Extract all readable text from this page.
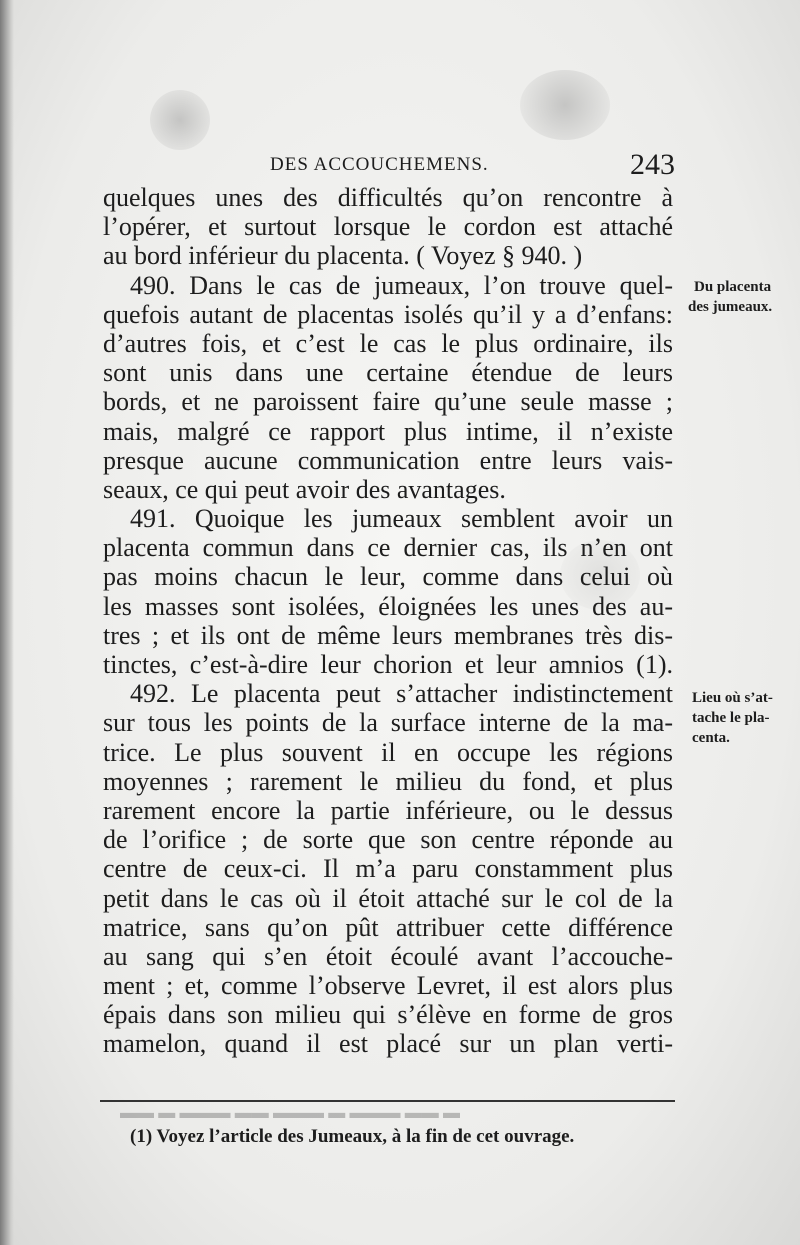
DES ACCOUCHEMENS.	243
quelques unes des difficultés qu’on rencontre à
l’opérer, et surtout lorsque le cordon est attaché
au bord inférieur du placenta. ( Voyez § 940. )
490. Dans le cas de jumeaux, l’on trouve quel-
quefois autant de placentas isolés qu’il y a d’enfans:
d’autres fois, et c’est le cas le plus ordinaire, ils
sont unis dans une certaine étendue de leurs
bords, et ne paroissent faire qu’une seule masse ;
mais, malgré ce rapport plus intime, il n’existe
presque aucune communication entre leurs vais-
seaux, ce qui peut avoir des avantages.
491. Quoique les jumeaux semblent avoir un
placenta commun dans ce dernier cas, ils n’en ont
pas moins chacun le leur, comme dans celui où
les masses sont isolées, éloignées les unes des au-
tres ; et ils ont de même leurs membranes très dis-
tinctes, c’est-à-dire leur chorion et leur amnios (1).
492. Le placenta peut s’attacher indistinctement
sur tous les points de la surface interne de la ma-
trice. Le plus souvent il en occupe les régions
moyennes ; rarement le milieu du fond, et plus
rarement encore la partie inférieure, ou le dessus
de l’orifice ; de sorte que son centre réponde au
centre de ceux-ci. Il m’a paru constamment plus
petit dans le cas où il étoit attaché sur le col de la
matrice, sans qu’on pût attribuer cette différence
au sang qui s’en étoit écoulé avant l’accouche-
ment ; et, comme l’observe Levret, il est alors plus
épais dans son milieu qui s’élève en forme de gros
mamelon, quand il est placé sur un plan verti-
Du placenta
des jumeaux.
Lieu où s’at-
tache le pla-
centa.
▬ ▬▬ ▬▬▬ ▬ ▬▬▬ ▬▬ ▬▬▬ ▬ ▬▬
(1) Voyez l’article des Jumeaux, à la fin de cet ouvrage.
